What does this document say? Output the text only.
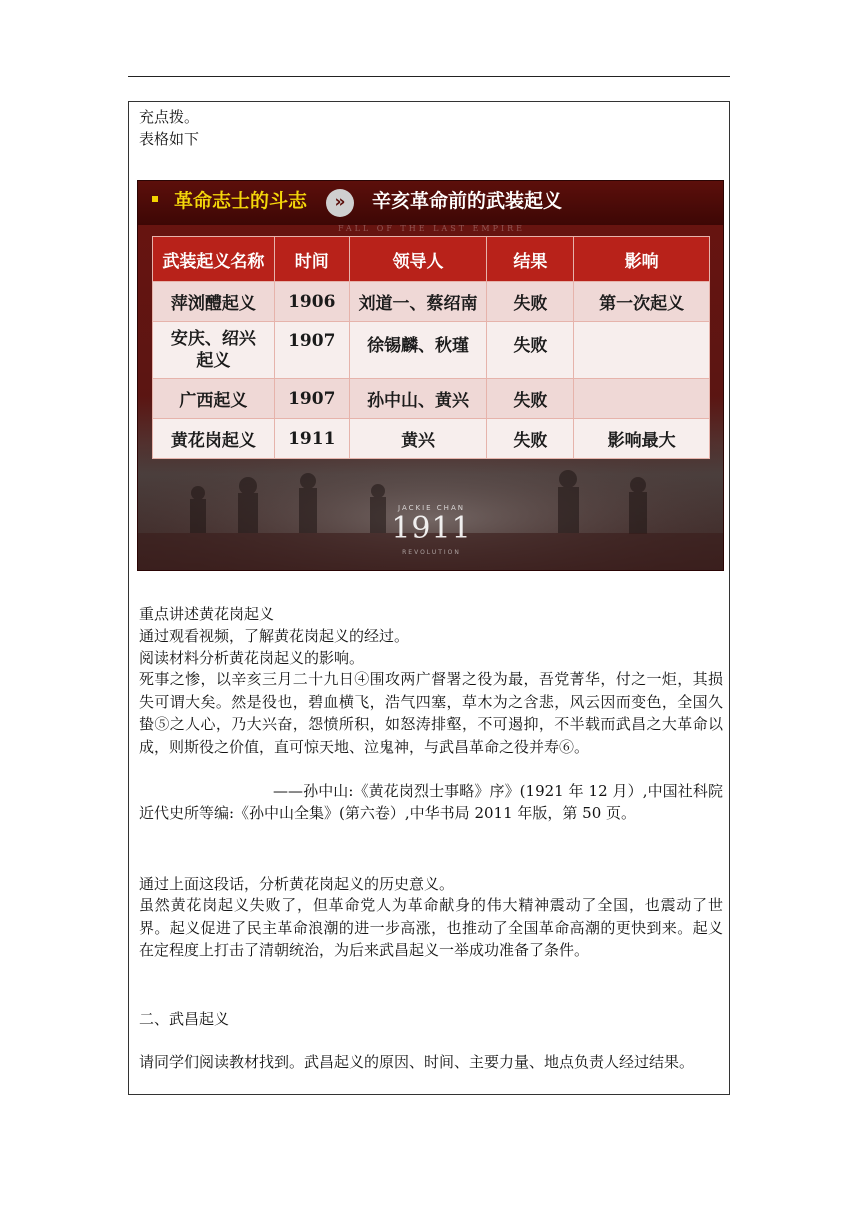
充点拨。
表格如下
革命志士的斗志	»	辛亥革命前的武装起义
FALL OF THE LAST EMPIRE
武装起义名称	时间	领导人	结果	影响
萍浏醴起义	1906	刘道一、蔡绍南	失败	第一次起义
安庆、绍兴
起义	1907	徐锡麟、秋瑾	失败	
广西起义	1907	孙中山、黄兴	失败	
黄花岗起义	1911	黄兴	失败	影响最大
JACKIE CHAN
1911
REVOLUTION
重点讲述黄花岗起义
通过观看视频，了解黄花岗起义的经过。
阅读材料分析黄花岗起义的影响。
死事之惨，以辛亥三月二十九日④围攻两广督署之役为最，吾党菁华，付之一炬，其损失可谓大矣。然是役也，碧血横飞，浩气四塞，草木为之含悲，风云因而变色，全国久蛰⑤之人心，乃大兴奋，怨愤所积，如怒涛排壑，不可遏抑，不半载而武昌之大革命以成，则斯役之价值，直可惊天地、泣鬼神，与武昌革命之役并寿⑥。
——孙中山:《黄花岗烈士事略》序》(1921 年 12 月）,中国社科院近代史所等编:《孙中山全集》(第六卷）,中华书局 2011 年版，第 50 页。
通过上面这段话，分析黄花岗起义的历史意义。
虽然黄花岗起义失败了，但革命党人为革命献身的伟大精神震动了全国，也震动了世界。起义促进了民主革命浪潮的进一步高涨，也推动了全国革命高潮的更快到来。起义在定程度上打击了清朝统治，为后来武昌起义一举成功准备了条件。
二、武昌起义
请同学们阅读教材找到。武昌起义的原因、时间、主要力量、地点负责人经过结果。
